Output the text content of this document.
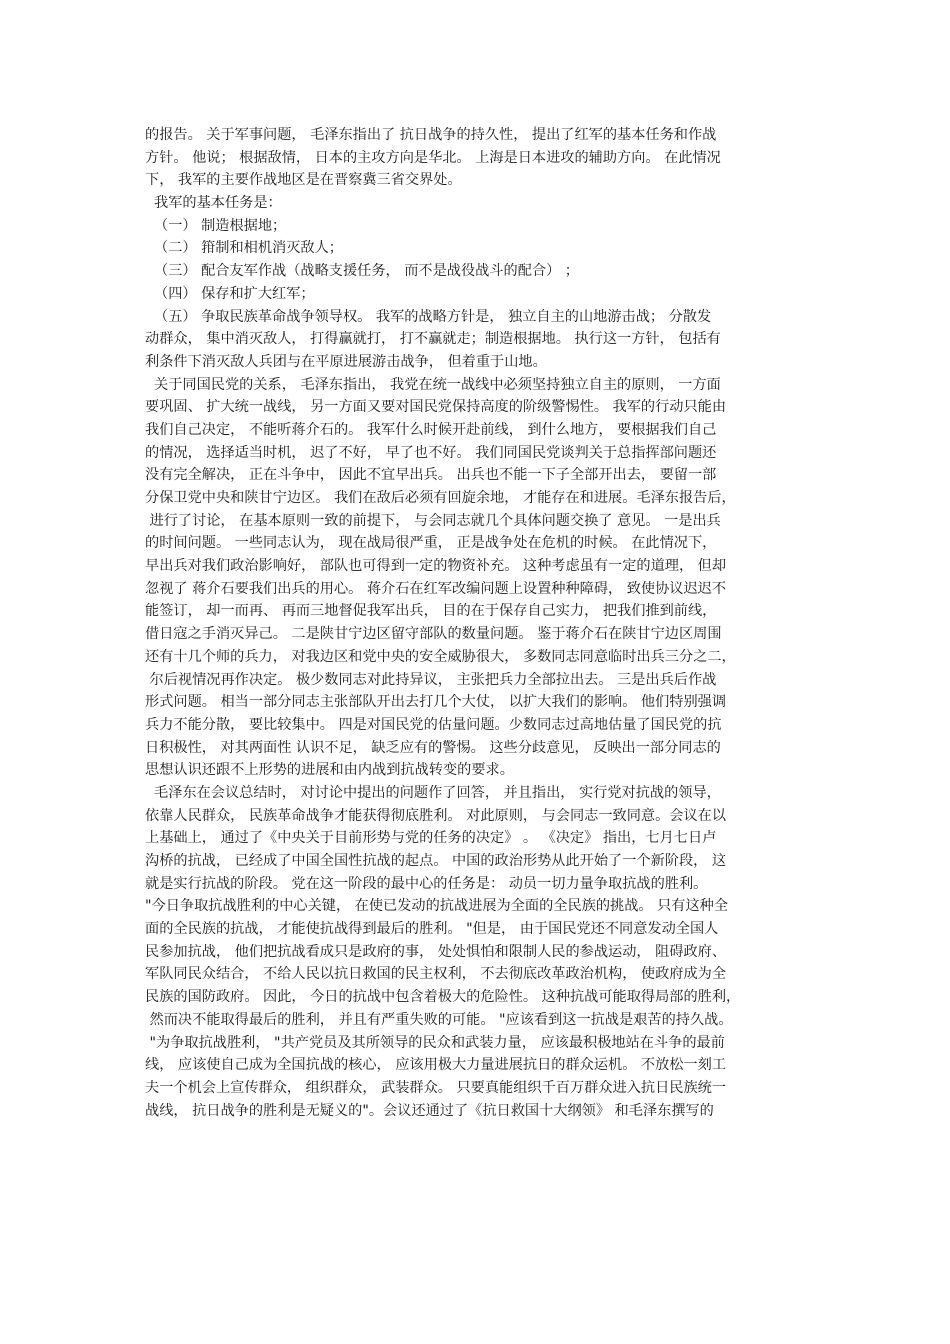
的报告。 关于军事问题， 毛泽东指出了 抗日战争的持久性， 提出了红军的基本任务和作战
方针。 他说； 根据敌情， 日本的主攻方向是华北。 上海是日本进攻的辅助方向。 在此情况
下， 我军的主要作战地区是在晋察冀三省交界处。
我军的基本任务是：
（一） 制造根据地；
（二） 箝制和相机消灭敌人；
（三） 配合友军作战（战略支援任务， 而不是战役战斗的配合） ；
（四） 保存和扩大红军；
（五） 争取民族革命战争领导权。 我军的战略方针是， 独立自主的山地游击战； 分散发
动群众， 集中消灭敌人， 打得赢就打， 打不赢就走；制造根据地。 执行这一方针， 包括有
利条件下消灭敌人兵团与在平原进展游击战争， 但着重于山地。
关于同国民党的关系， 毛泽东指出， 我党在统一战线中必须坚持独立自主的原则， 一方面
要巩固、 扩大统一战线， 另一方面又要对国民党保持高度的阶级警惕性。 我军的行动只能由
我们自己决定， 不能听蒋介石的。 我军什么时候开赴前线， 到什么地方， 要根据我们自己
的情况， 选择适当时机， 迟了不好， 早了也不好。 我们同国民党谈判关于总指挥部问题还
没有完全解决， 正在斗争中， 因此不宜早出兵。 出兵也不能一下子全部开出去， 要留一部
分保卫党中央和陕甘宁边区。 我们在敌后必须有回旋余地， 才能存在和进展。毛泽东报告后，
进行了讨论， 在基本原则一致的前提下， 与会同志就几个具体问题交换了 意见。 一是出兵
的时间问题。 一些同志认为， 现在战局很严重， 正是战争处在危机的时候。 在此情况下，
早出兵对我们政治影响好， 部队也可得到一定的物资补充。 这种考虑虽有一定的道理， 但却
忽视了 蒋介石要我们出兵的用心。 蒋介石在红军改编问题上设置种种障碍， 致使协议迟迟不
能签订， 却一而再、 再而三地督促我军出兵， 目的在于保存自己实力， 把我们推到前线，
借日寇之手消灭异己。 二是陕甘宁边区留守部队的数量问题。 鉴于蒋介石在陕甘宁边区周围
还有十几个师的兵力， 对我边区和党中央的安全威胁很大， 多数同志同意临时出兵三分之二，
尔后视情况再作决定。 极少数同志对此持异议， 主张把兵力全部拉出去。 三是出兵后作战
形式问题。 相当一部分同志主张部队开出去打几个大仗， 以扩大我们的影响。 他们特别强调
兵力不能分散， 要比较集中。 四是对国民党的估量问题。少数同志过高地估量了国民党的抗
日积极性， 对其两面性 认识不足， 缺乏应有的警惕。 这些分歧意见， 反映出一部分同志的
思想认识还跟不上形势的进展和由内战到抗战转变的要求。
毛泽东在会议总结时， 对讨论中提出的问题作了回答， 并且指出， 实行党对抗战的领导，
依靠人民群众， 民族革命战争才能获得彻底胜利。 对此原则， 与会同志一致同意。会议在以
上基础上， 通过了《中央关于目前形势与党的任务的决定》 。 《决定》 指出，七月七日卢
沟桥的抗战， 已经成了中国全国性抗战的起点。 中国的政治形势从此开始了一个新阶段， 这
就是实行抗战的阶段。 党在这一阶段的最中心的任务是： 动员一切力量争取抗战的胜利。
"今日争取抗战胜利的中心关键， 在使已发动的抗战进展为全面的全民族的挑战。 只有这种全
面的全民族的抗战， 才能使抗战得到最后的胜利。 "但是， 由于国民党还不同意发动全国人
民参加抗战， 他们把抗战看成只是政府的事， 处处惧怕和限制人民的参战运动， 阻碍政府、
军队同民众结合， 不给人民以抗日救国的民主权利， 不去彻底改革政治机构， 使政府成为全
民族的国防政府。 因此， 今日的抗战中包含着极大的危险性。 这种抗战可能取得局部的胜利，
然而决不能取得最后的胜利， 并且有严重失败的可能。 "应该看到这一抗战是艰苦的持久战。
"为争取抗战胜利， "共产党员及其所领导的民众和武装力量， 应该最积极地站在斗争的最前
线， 应该使自己成为全国抗战的核心， 应该用极大力量进展抗日的群众运机。 不放松一刻工
夫一个机会上宣传群众， 组织群众， 武装群众。 只要真能组织千百万群众进入抗日民族统一
战线， 抗日战争的胜利是无疑义的"。会议还通过了《抗日救国十大纲领》 和毛泽东撰写的
